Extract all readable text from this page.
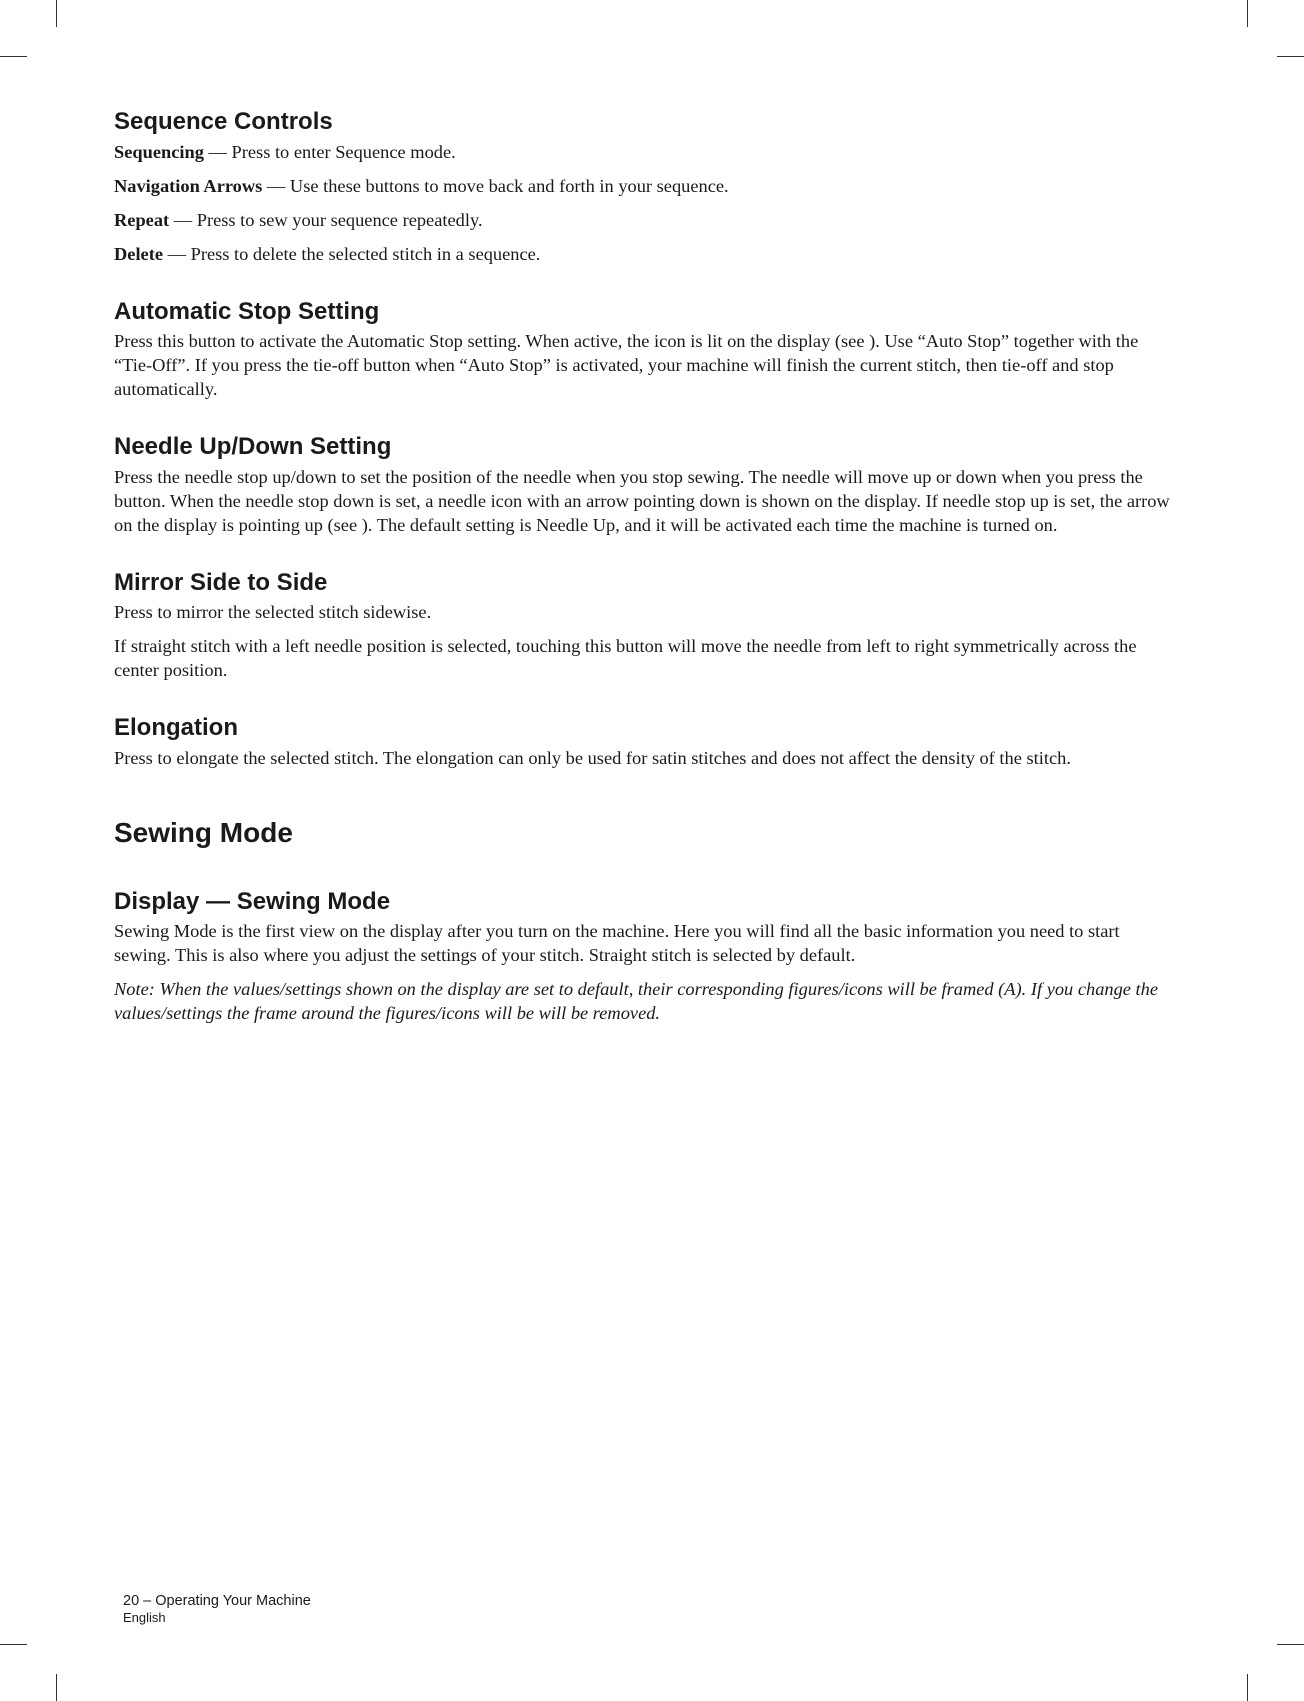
Sequence Controls

Sequencing — Press to enter Sequence mode.

Navigation Arrows — Use these buttons to move back and forth in your sequence.

Repeat — Press to sew your sequence repeatedly.

Delete — Press to delete the selected stitch in a sequence.

Automatic Stop Setting

Press this button to activate the Automatic Stop setting. When active, the icon is lit on the display (see ). Use “Auto Stop” together with the “Tie-Off”. If you press the tie-off button when “Auto Stop” is activated, your machine will finish the current stitch, then tie-off and stop automatically.

Needle Up/Down Setting

Press the needle stop up/down to set the position of the needle when you stop sewing. The needle will move up or down when you press the button. When the needle stop down is set, a needle icon with an arrow pointing down is shown on the display. If needle stop up is set, the arrow on the display is pointing up (see ). The default setting is Needle Up, and it will be activated each time the machine is turned on.

Mirror Side to Side

Press to mirror the selected stitch sidewise.

If straight stitch with a left needle position is selected, touching this button will move the needle from left to right symmetrically across the center position.

Elongation

Press to elongate the selected stitch. The elongation can only be used for satin stitches and does not affect the density of the stitch.

Sewing Mode
Display — Sewing Mode

Sewing Mode is the first view on the display after you turn on the machine. Here you will find all the basic information you need to start sewing. This is also where you adjust the settings of your stitch. Straight stitch is selected by default.

Note: When the values/settings shown on the display are set to default, their corresponding figures/icons will be framed (A). If you change the values/settings the frame around the figures/icons will be will be removed.

20 – Operating Your Machine
English
